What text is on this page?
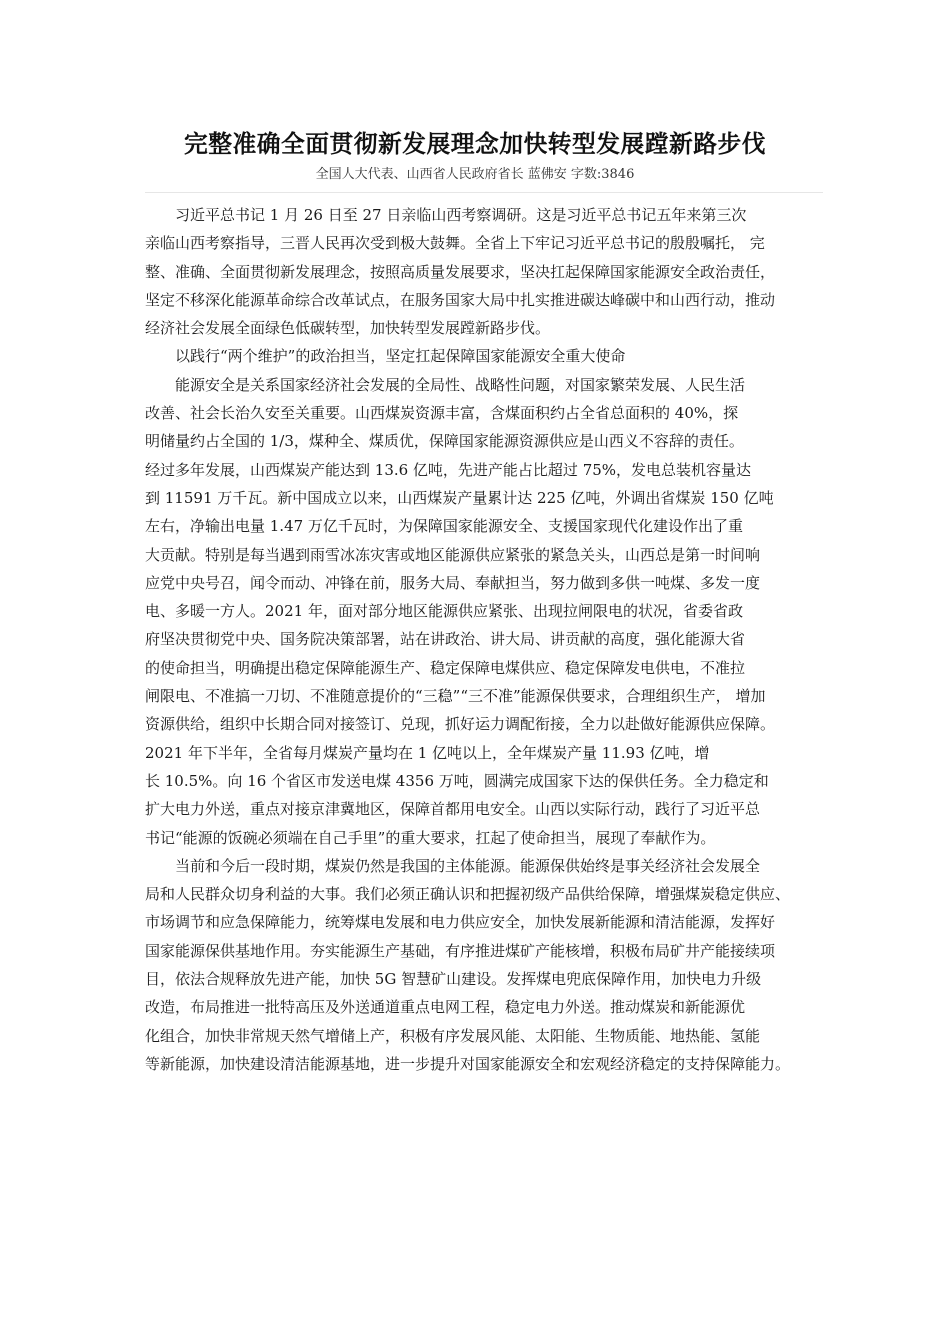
完整准确全面贯彻新发展理念加快转型发展蹚新路步伐
全国人大代表、山西省人民政府省长 蓝佛安 字数:3846
　　习近平总书记 1 月 26 日至 27 日亲临山西考察调研。这是习近平总书记五年来第三次
亲临山西考察指导，三晋人民再次受到极大鼓舞。全省上下牢记习近平总书记的殷殷嘱托， 完
整、准确、全面贯彻新发展理念，按照高质量发展要求，坚决扛起保障国家能源安全政治责任，
坚定不移深化能源革命综合改革试点，在服务国家大局中扎实推进碳达峰碳中和山西行动，推动
经济社会发展全面绿色低碳转型，加快转型发展蹚新路步伐。
　　以践行“两个维护”的政治担当，坚定扛起保障国家能源安全重大使命
　　能源安全是关系国家经济社会发展的全局性、战略性问题，对国家繁荣发展、人民生活
改善、社会长治久安至关重要。山西煤炭资源丰富，含煤面积约占全省总面积的 40%，探
明储量约占全国的 1/3，煤种全、煤质优，保障国家能源资源供应是山西义不容辞的责任。
经过多年发展，山西煤炭产能达到 13.6 亿吨，先进产能占比超过 75%，发电总装机容量达
到 11591 万千瓦。新中国成立以来，山西煤炭产量累计达 225 亿吨，外调出省煤炭 150 亿吨
左右，净输出电量 1.47 万亿千瓦时，为保障国家能源安全、支援国家现代化建设作出了重
大贡献。特别是每当遇到雨雪冰冻灾害或地区能源供应紧张的紧急关头，山西总是第一时间响
应党中央号召，闻令而动、冲锋在前，服务大局、奉献担当，努力做到多供一吨煤、多发一度
电、多暖一方人。2021 年，面对部分地区能源供应紧张、出现拉闸限电的状况，省委省政
府坚决贯彻党中央、国务院决策部署，站在讲政治、讲大局、讲贡献的高度，强化能源大省
的使命担当，明确提出稳定保障能源生产、稳定保障电煤供应、稳定保障发电供电，不准拉
闸限电、不准搞一刀切、不准随意提价的“三稳”“三不准”能源保供要求，合理组织生产， 增加
资源供给，组织中长期合同对接签订、兑现，抓好运力调配衔接，全力以赴做好能源供应保障。
2021 年下半年，全省每月煤炭产量均在 1 亿吨以上，全年煤炭产量 11.93 亿吨，增
长 10.5%。向 16 个省区市发送电煤 4356 万吨，圆满完成国家下达的保供任务。全力稳定和
扩大电力外送，重点对接京津冀地区，保障首都用电安全。山西以实际行动，践行了习近平总
书记“能源的饭碗必须端在自己手里”的重大要求，扛起了使命担当，展现了奉献作为。
　　当前和今后一段时期，煤炭仍然是我国的主体能源。能源保供始终是事关经济社会发展全
局和人民群众切身利益的大事。我们必须正确认识和把握初级产品供给保障，增强煤炭稳定供应、
市场调节和应急保障能力，统筹煤电发展和电力供应安全，加快发展新能源和清洁能源，发挥好
国家能源保供基地作用。夯实能源生产基础，有序推进煤矿产能核增，积极布局矿井产能接续项
目，依法合规释放先进产能，加快 5G 智慧矿山建设。发挥煤电兜底保障作用，加快电力升级
改造，布局推进一批特高压及外送通道重点电网工程，稳定电力外送。推动煤炭和新能源优
化组合，加快非常规天然气增储上产，积极有序发展风能、太阳能、生物质能、地热能、氢能
等新能源，加快建设清洁能源基地，进一步提升对国家能源安全和宏观经济稳定的支持保障能力。
